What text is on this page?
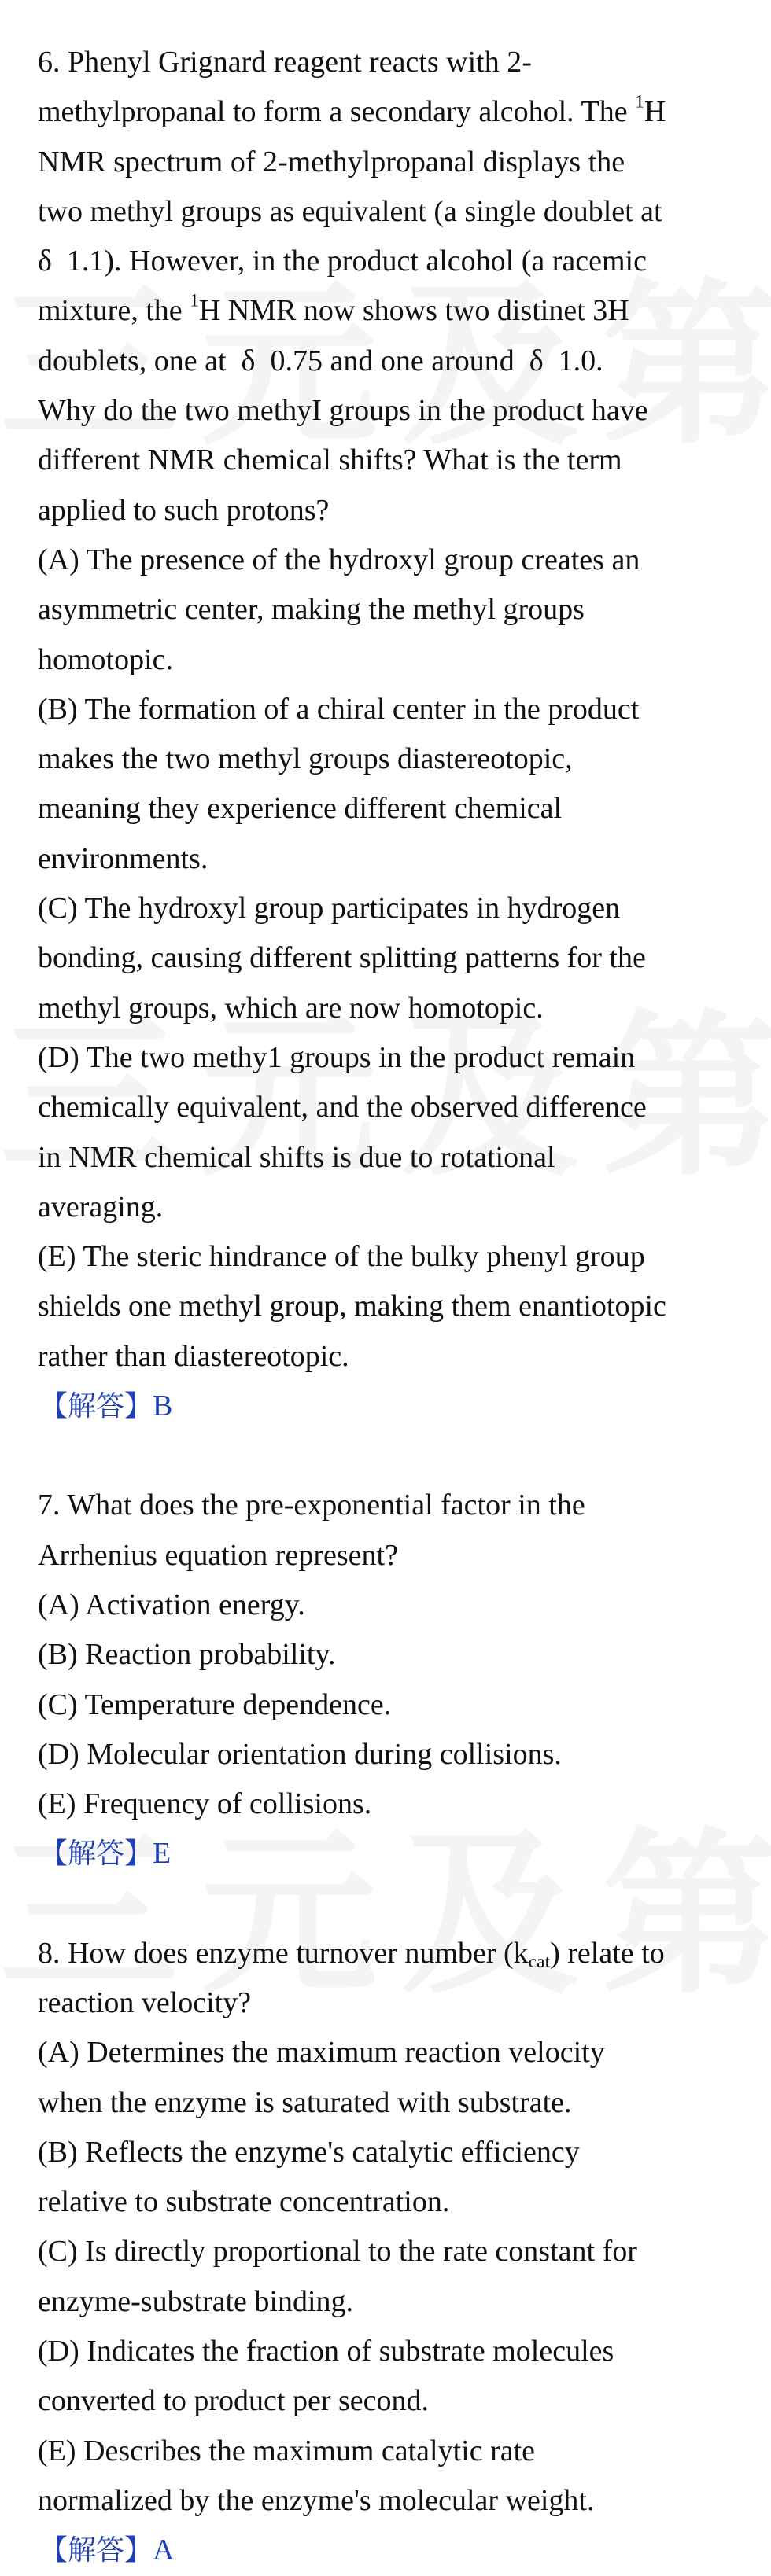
6. Phenyl Grignard reagent reacts with 2-
methylpropanal to form a secondary alcohol. The $^1$H
NMR spectrum of 2-methylpropanal displays the
two methyl groups as equivalent (a single doublet at
δ  1.1). However, in the product alcohol (a racemic
mixture, the $^1$H NMR now shows two distinet 3H
doublets, one at  δ  0.75 and one around  δ  1.0.
Why do the two methyI groups in the product have
different NMR chemical shifts? What is the term
applied to such protons?
(A) The presence of the hydroxyl group creates an
asymmetric center, making the methyl groups
homotopic.
(B) The formation of a chiral center in the product
makes the two methyl groups diastereotopic,
meaning they experience different chemical
environments.
(C) The hydroxyl group participates in hydrogen
bonding, causing different splitting patterns for the
methyl groups, which are now homotopic.
(D) The two methy1 groups in the product remain
chemically equivalent, and the observed difference
in NMR chemical shifts is due to rotational
averaging.
(E) The steric hindrance of the bulky phenyl group
shields one methyl group, making them enantiotopic
rather than diastereotopic.
【解答】B
7. What does the pre-exponential factor in the
Arrhenius equation represent?
(A) Activation energy.
(B) Reaction probability.
(C) Temperature dependence.
(D) Molecular orientation during collisions.
(E) Frequency of collisions.
【解答】E
8. How does enzyme turnover number $(k_{cat})$ relate to
reaction velocity?
(A) Determines the maximum reaction velocity
when the enzyme is saturated with substrate.
(B) Reflects the enzyme's catalytic efficiency
relative to substrate concentration.
(C) Is directly proportional to the rate constant for
enzyme-substrate binding.
(D) Indicates the fraction of substrate molecules
converted to product per second.
(E) Describes the maximum catalytic rate
normalized by the enzyme's molecular weight.
【解答】A
